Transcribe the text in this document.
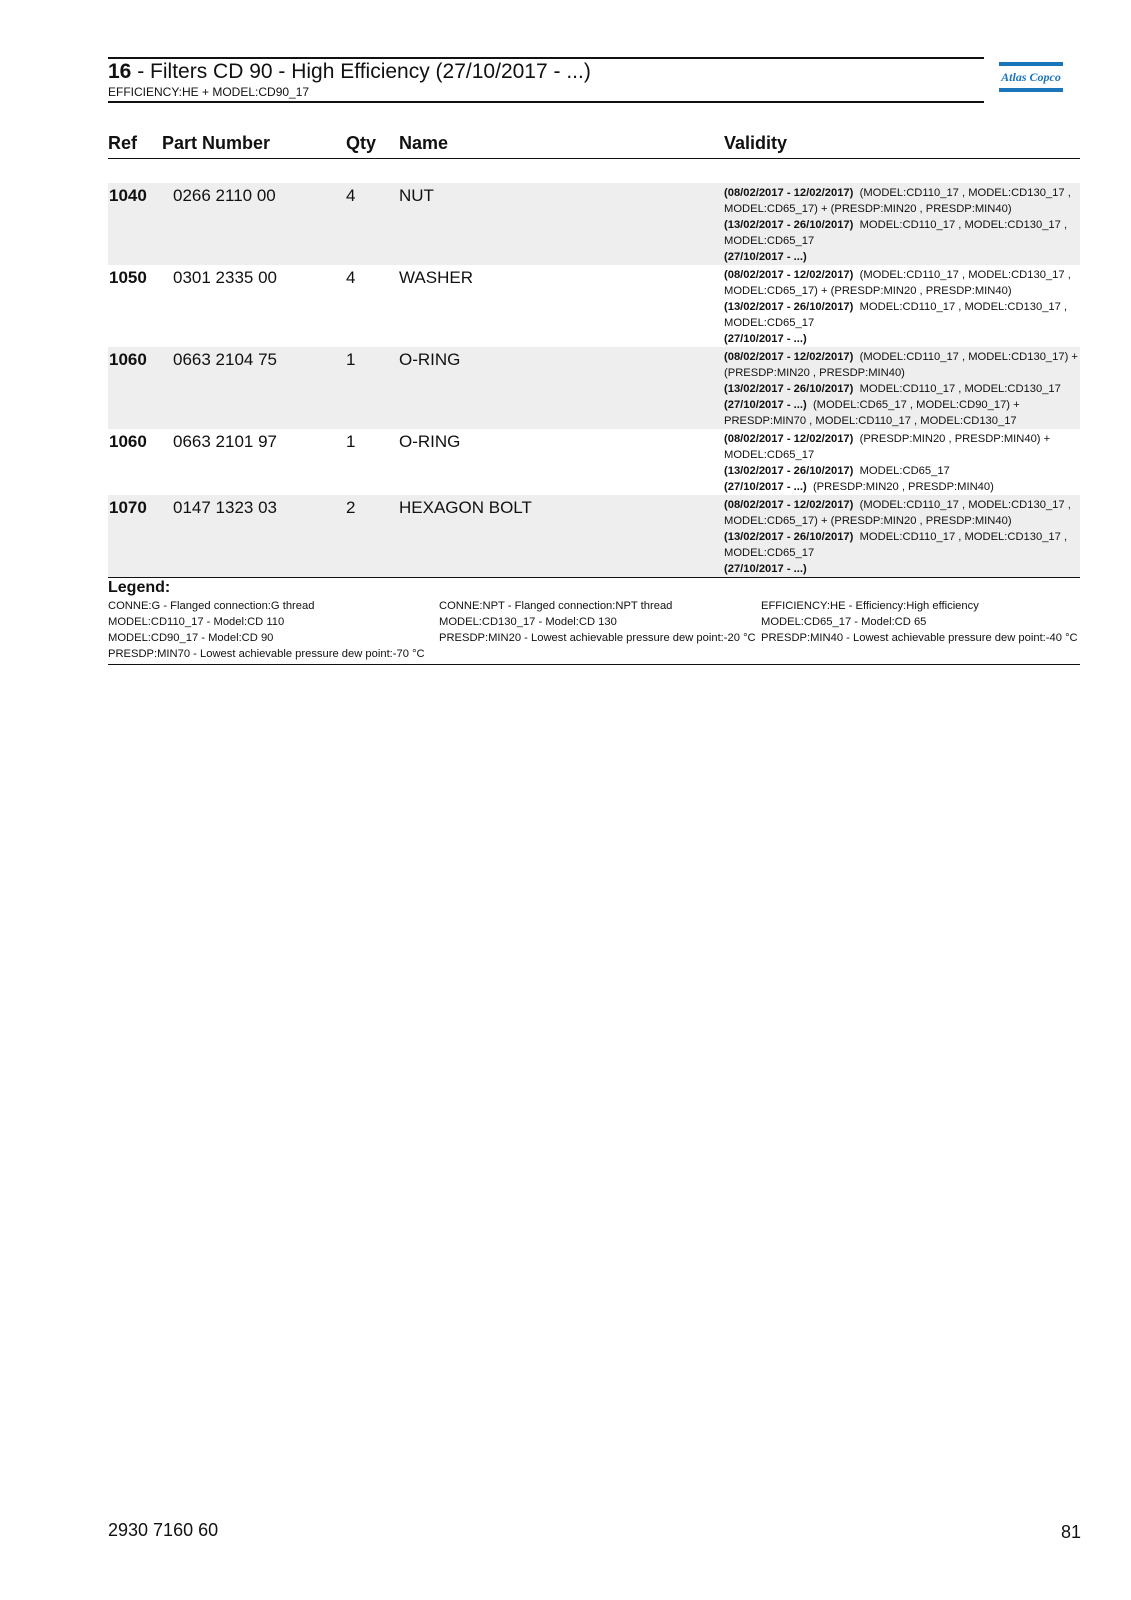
16 - Filters CD 90 - High Efficiency (27/10/2017 - ...)
EFFICIENCY:HE + MODEL:CD90_17
Atlas Copco
Ref Part Number	Qty Name	Validity
1040 0266 2110 00	4	NUT	(08/02/2017 - 12/02/2017) (MODEL:CD110_17 , MODEL:CD130_17 ,
MODEL:CD65_17) + (PRESDP:MIN20 , PRESDP:MIN40)
(13/02/2017 - 26/10/2017) MODEL:CD110_17 , MODEL:CD130_17 ,
MODEL:CD65_17
(27/10/2017 - ...)
1050 0301 2335 00	4	WASHER	(08/02/2017 - 12/02/2017) (MODEL:CD110_17 , MODEL:CD130_17 ,
MODEL:CD65_17) + (PRESDP:MIN20 , PRESDP:MIN40)
(13/02/2017 - 26/10/2017) MODEL:CD110_17 , MODEL:CD130_17 ,
MODEL:CD65_17
(27/10/2017 - ...)
1060 0663 2104 75	1	O-RING	(08/02/2017 - 12/02/2017) (MODEL:CD110_17 , MODEL:CD130_17) +
(PRESDP:MIN20 , PRESDP:MIN40)
(13/02/2017 - 26/10/2017) MODEL:CD110_17 , MODEL:CD130_17
(27/10/2017 - ...) (MODEL:CD65_17 , MODEL:CD90_17) +
PRESDP:MIN70 , MODEL:CD110_17 , MODEL:CD130_17
1060 0663 2101 97	1	O-RING	(08/02/2017 - 12/02/2017) (PRESDP:MIN20 , PRESDP:MIN40) +
MODEL:CD65_17
(13/02/2017 - 26/10/2017) MODEL:CD65_17
(27/10/2017 - ...) (PRESDP:MIN20 , PRESDP:MIN40)
1070 0147 1323 03	2	HEXAGON BOLT	(08/02/2017 - 12/02/2017) (MODEL:CD110_17 , MODEL:CD130_17 ,
MODEL:CD65_17) + (PRESDP:MIN20 , PRESDP:MIN40)
(13/02/2017 - 26/10/2017) MODEL:CD110_17 , MODEL:CD130_17 ,
MODEL:CD65_17
(27/10/2017 - ...)
Legend:
CONNE:G - Flanged connection:G thread
MODEL:CD110_17 - Model:CD 110
MODEL:CD90_17 - Model:CD 90
PRESDP:MIN70 - Lowest achievable pressure dew point:-70 °C
CONNE:NPT - Flanged connection:NPT thread
MODEL:CD130_17 - Model:CD 130
PRESDP:MIN20 - Lowest achievable pressure dew point:-20 °C
EFFICIENCY:HE - Efficiency:High efficiency
MODEL:CD65_17 - Model:CD 65
PRESDP:MIN40 - Lowest achievable pressure dew point:-40 °C
2930 7160 60	81
